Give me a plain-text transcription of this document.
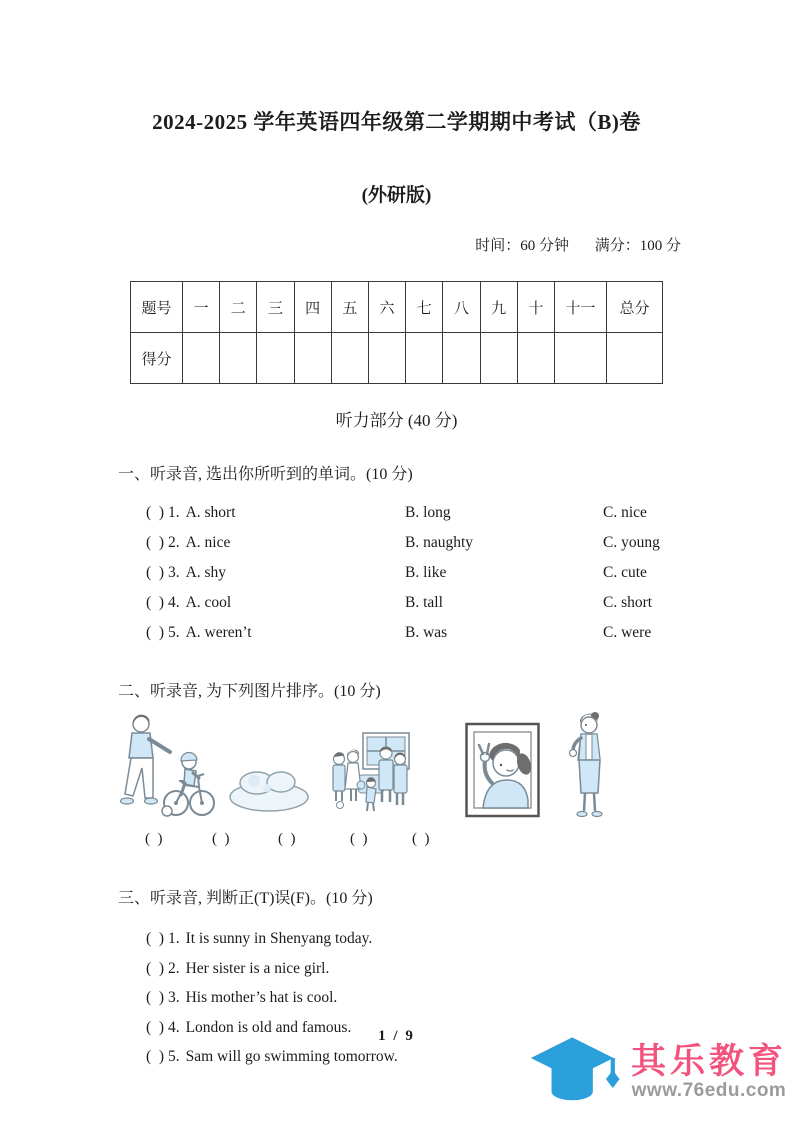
2024-2025 学年英语四年级第二学期期中考试（B)卷
(外研版)
时间：60 分钟 满分：100 分
题号	一	二	三	四	五	六	七	八	九	十	十一	总分
得分												
听力部分 (40 分)
一、听录音, 选出你所听到的单词。(10 分)
(  ) 1. A. short	B. long	C. nice
(  ) 2. A. nice	B. naughty	C. young
(  ) 3. A. shy	B. like	C. cute
(  ) 4. A. cool	B. tall	C. short
(  ) 5. A. weren’t	B. was	C. were
二、听录音, 为下列图片排序。(10 分)
(  )	(  )	(  )	(  )	(  )
三、听录音, 判断正(T)误(F)。(10 分)
(  ) 1. It is sunny in Shenyang today.
(  ) 2. Her sister is a nice girl.
(  ) 3. His mother’s hat is cool.
(  ) 4. London is old and famous.
(  ) 5. Sam will go swimming tomorrow.
1 / 9
其乐教育
www.76edu.com
